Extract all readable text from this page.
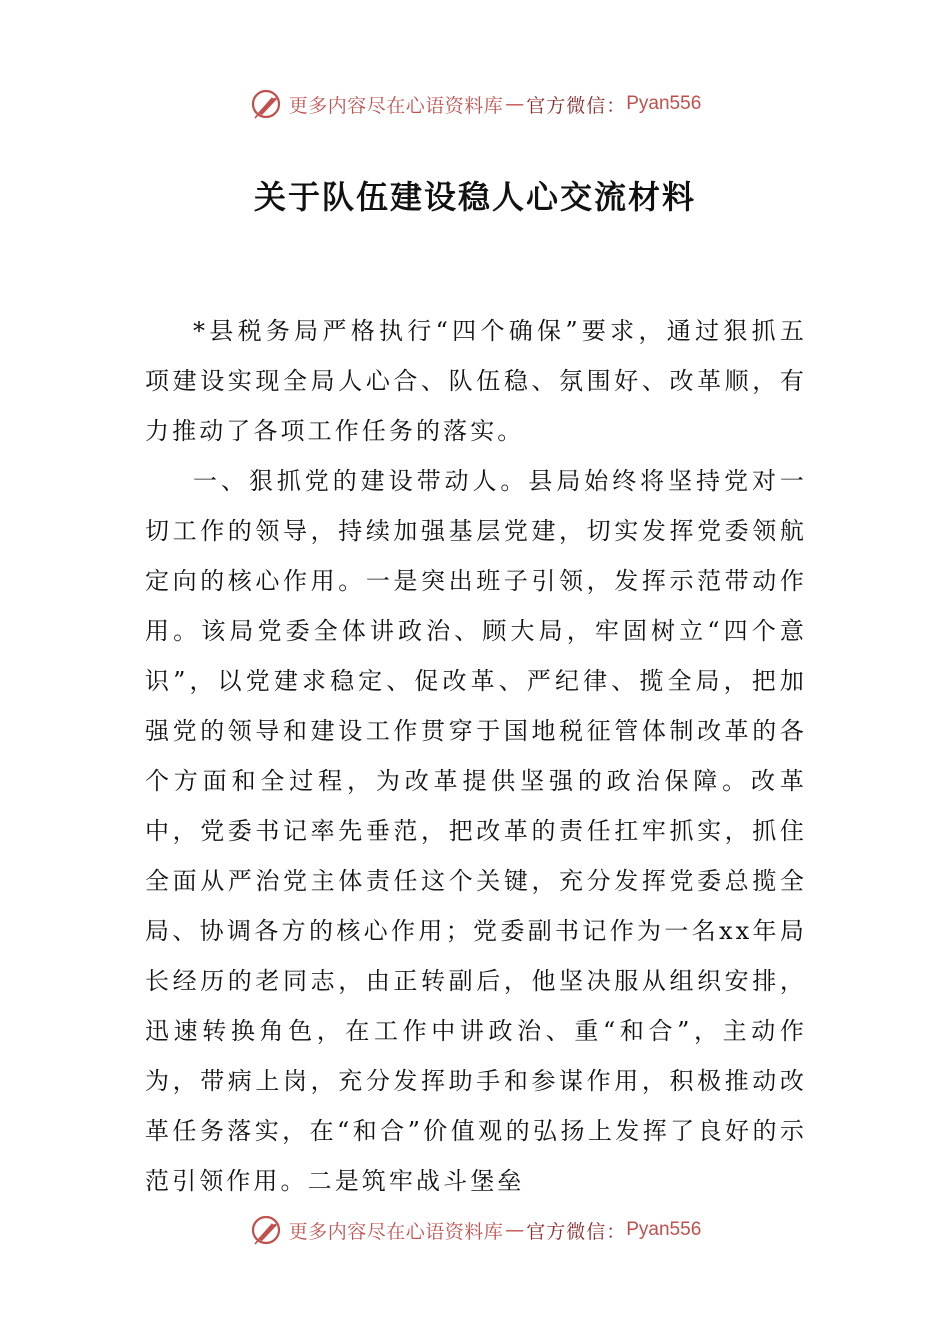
更多内容尽在心语资料库 — 官方微信： Pyan556
关于队伍建设稳人心交流材料

*县税务局严格执行“四个确保”要求，通过狠抓五项建设实现全局人心合、队伍稳、氛围好、改革顺，有力推动了各项工作任务的落实。

一、狠抓党的建设带动人。县局始终将坚持党对一切工作的领导，持续加强基层党建，切实发挥党委领航定向的核心作用。一是突出班子引领，发挥示范带动作用。该局党委全体讲政治、顾大局，牢固树立“四个意识”，以党建求稳定、促改革、严纪律、揽全局，把加强党的领导和建设工作贯穿于国地税征管体制改革的各个方面和全过程，为改革提供坚强的政治保障。改革中，党委书记率先垂范，把改革的责任扛牢抓实，抓住全面从严治党主体责任这个关键，充分发挥党委总揽全局、协调各方的核心作用；党委副书记作为一名xx年局长经历的老同志，由正转副后，他坚决服从组织安排，迅速转换角色，在工作中讲政治、重“和合”，主动作为，带病上岗，充分发挥助手和参谋作用，积极推动改革任务落实，在“和合”价值观的弘扬上发挥了良好的示范引领作用。二是筑牢战斗堡垒

更多内容尽在心语资料库 — 官方微信： Pyan556
